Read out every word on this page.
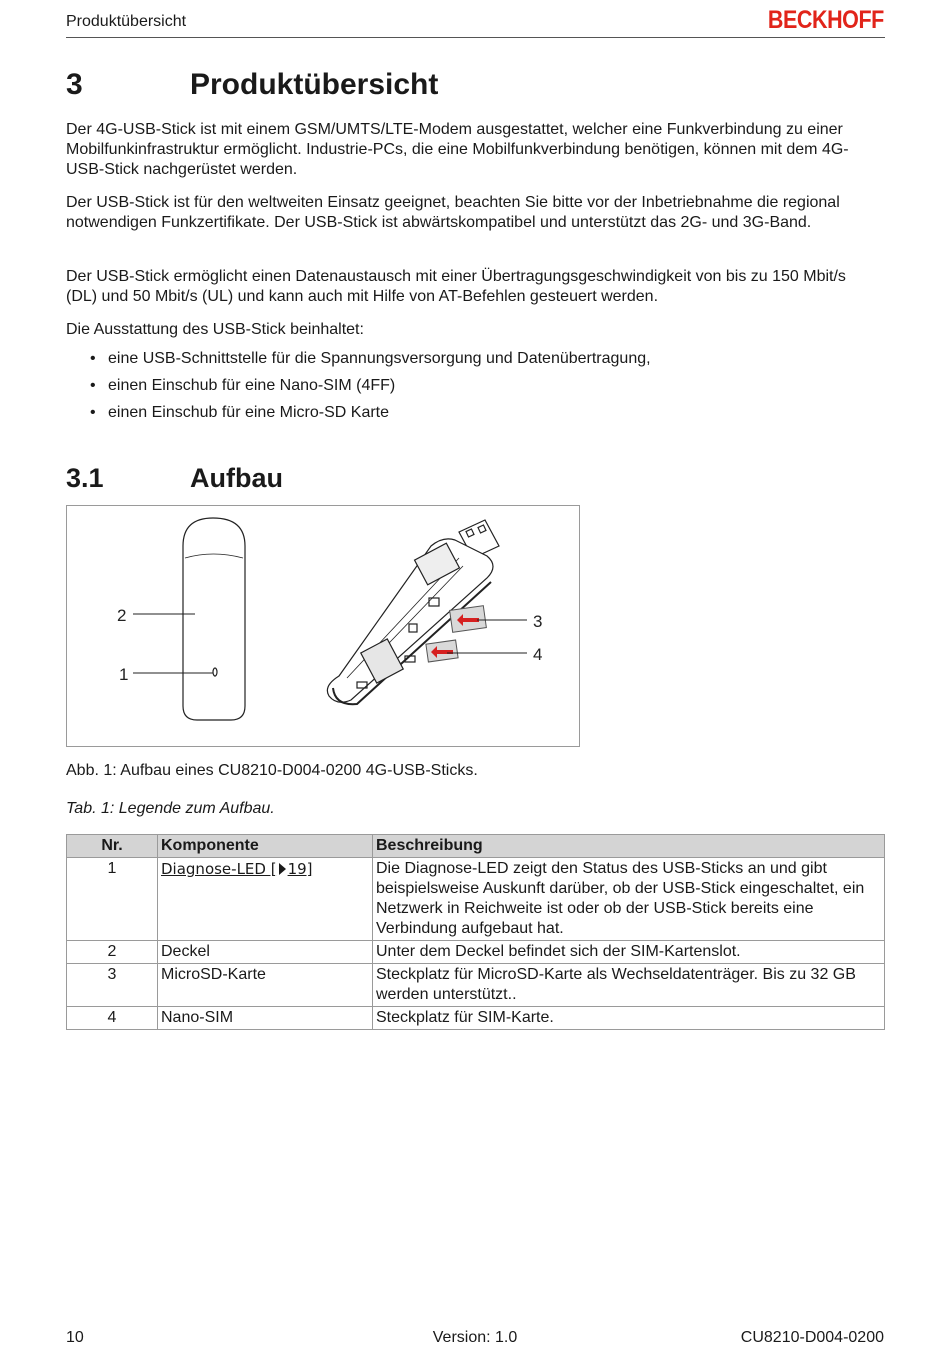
Produktübersicht	BECKHOFF
3	Produktübersicht
Der 4G-USB-Stick ist mit einem GSM/UMTS/LTE-Modem ausgestattet, welcher eine Funkverbindung zu einer Mobilfunkinfrastruktur ermöglicht. Industrie-PCs, die eine Mobilfunkverbindung benötigen, können mit dem 4G-USB-Stick nachgerüstet werden.
Der USB-Stick ist für den weltweiten Einsatz geeignet, beachten Sie bitte vor der Inbetriebnahme die regional notwendigen Funkzertifikate. Der USB-Stick ist abwärtskompatibel und unterstützt das 2G- und 3G-Band.
Der USB-Stick ermöglicht einen Datenaustausch mit einer Übertragungsgeschwindigkeit von bis zu 150 Mbit/s (DL) und 50 Mbit/s (UL) und kann auch mit Hilfe von AT-Befehlen gesteuert werden.
Die Ausstattung des USB-Stick beinhaltet:
• eine USB-Schnittstelle für die Spannungsversorgung und Datenübertragung,
• einen Einschub für eine Nano-SIM (4FF)
• einen Einschub für eine Micro-SD Karte
3.1	Aufbau
2
1
3
4
Abb. 1: Aufbau eines CU8210-D004-0200 4G-USB-Sticks.
Tab. 1: Legende zum Aufbau.
Nr.	Komponente	Beschreibung
1	Diagnose-LED [ 19]	Die Diagnose-LED zeigt den Status des USB-Sticks an und gibt beispielsweise Auskunft darüber, ob der USB-Stick eingeschaltet, ein Netzwerk in Reichweite ist oder ob der USB-Stick bereits eine Verbindung aufgebaut hat.
2	Deckel	Unter dem Deckel befindet sich der SIM-Kartenslot.
3	MicroSD-Karte	Steckplatz für MicroSD-Karte als Wechseldatenträger. Bis zu 32 GB werden unterstützt..
4	Nano-SIM	Steckplatz für SIM-Karte.
10	Version: 1.0	CU8210-D004-0200
